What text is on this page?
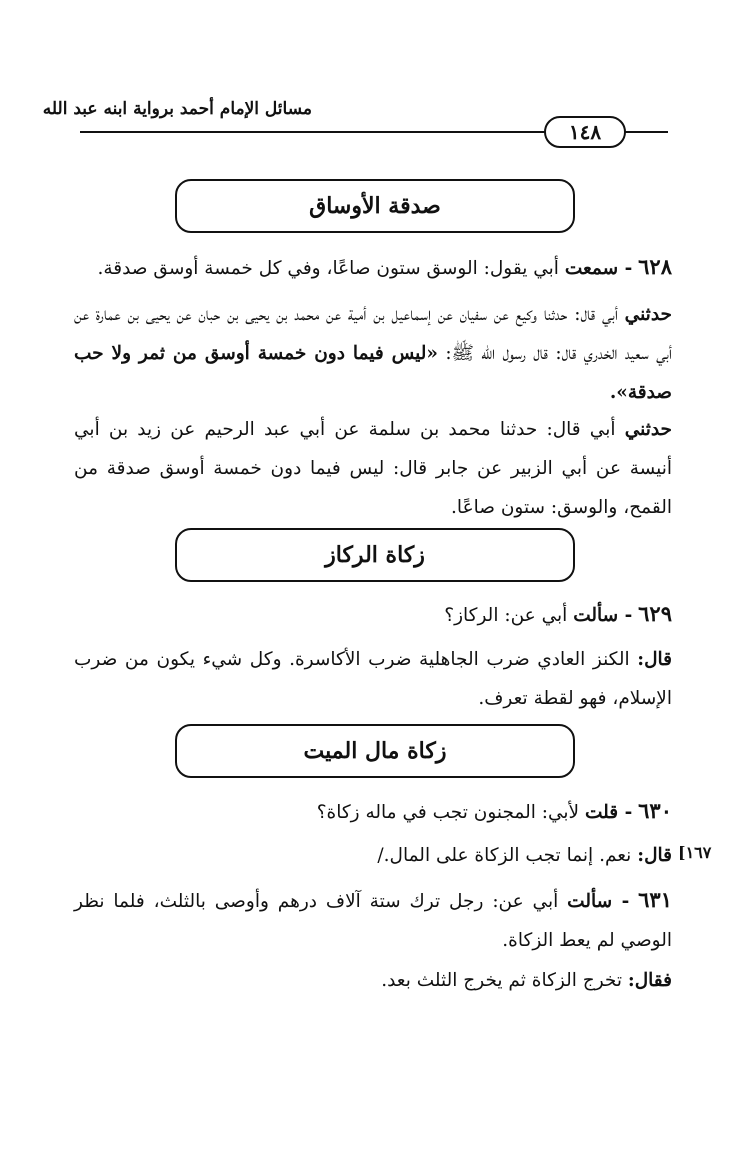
مسائل الإمام أحمد برواية ابنه عبد الله
١٤٨
صدقة الأوساق
٦٢٨ - سمعت أبي يقول: الوسق ستون صاعًا، وفي كل خمسة أوسق صدقة.
حدثني أبي قال: حدثنا وكيع عن سفيان عن إسماعيل بن أمية عن محمد بن يحيى بن حبان عن يحيى بن عمارة عن أبي سعيد الخدري قال: قال رسول الله ﷺ: «ليس فيما دون خمسة أوسق من ثمر ولا حب صدقة».
حدثني أبي قال: حدثنا محمد بن سلمة عن أبي عبد الرحيم عن زيد بن أبي أنيسة عن أبي الزبير عن جابر قال: ليس فيما دون خمسة أوسق صدقة من القمح، والوسق: ستون صاعًا.
زكاة الركاز
٦٢٩ - سألت أبي عن: الركاز؟
قال: الكنز العادي ضرب الجاهلية ضرب الأكاسرة. وكل شيء يكون من ضرب الإسلام، فهو لقطة تعرف.
زكاة مال الميت
٦٣٠ - قلت لأبي: المجنون تجب في ماله زكاة؟
قال: نعم. إنما تجب الزكاة على المال./	١٦٧]
٦٣١ - سألت أبي عن: رجل ترك ستة آلاف درهم وأوصى بالثلث، فلما نظر الوصي لم يعط الزكاة.
فقال: تخرج الزكاة ثم يخرج الثلث بعد.
